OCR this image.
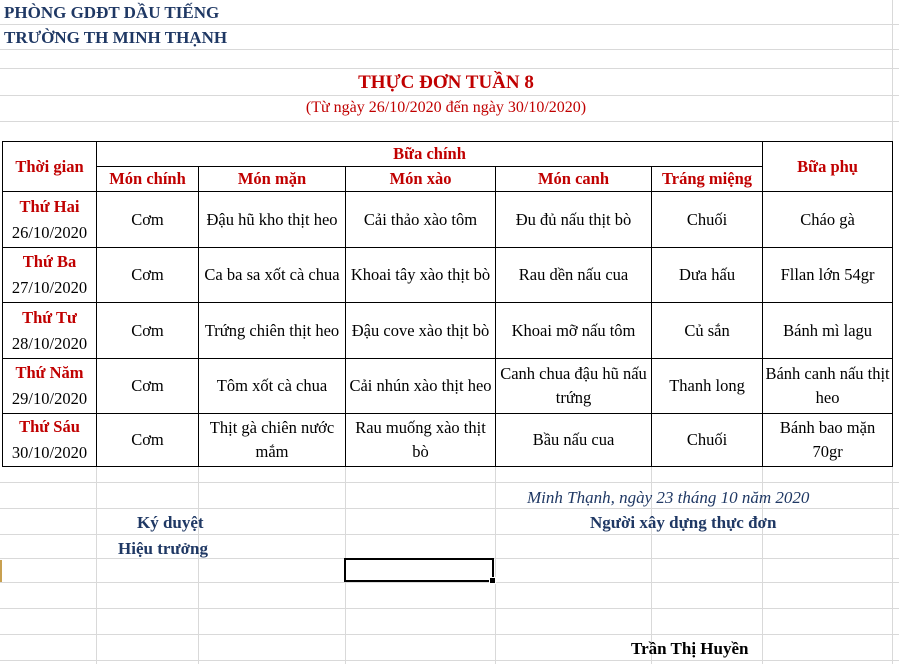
PHÒNG GDĐT DẦU TIẾNG
TRƯỜNG TH MINH THẠNH
THỰC ĐƠN TUẦN 8
(Từ ngày 26/10/2020 đến ngày 30/10/2020)
Thời gian	Bữa chính					Bữa phụ
	Món chính	Món mặn	Món xào	Món canh	Tráng miệng	

Thứ Hai
26/10/2020	Cơm	Đậu hũ kho thịt heo	Cải thảo xào tôm	Đu đủ nấu thịt bò	Chuối	Cháo gà

Thứ Ba
27/10/2020	Cơm	Ca ba sa xốt cà chua	Khoai tây xào thịt bò	Rau dền nấu cua	Dưa hấu	Fllan lớn 54gr

Thứ Tư
28/10/2020	Cơm	Trứng chiên thịt heo	Đậu cove xào thịt bò	Khoai mỡ nấu tôm	Củ sắn	Bánh mì lagu

Thứ Năm
29/10/2020	Cơm	Tôm xốt cà chua	Cải nhún xào thịt heo	Canh chua đậu hũ nấu trứng	Thanh long	Bánh canh nấu thịt heo

Thứ Sáu
30/10/2020	Cơm	Thịt gà chiên nước mắm	Rau muống xào thịt bò	Bầu nấu cua	Chuối	Bánh bao mặn 70gr
Minh Thạnh, ngày 23 tháng 10 năm 2020
Ký duyệt
Hiệu trưởng
Người xây dựng thực đơn
Trần Thị Huyền
